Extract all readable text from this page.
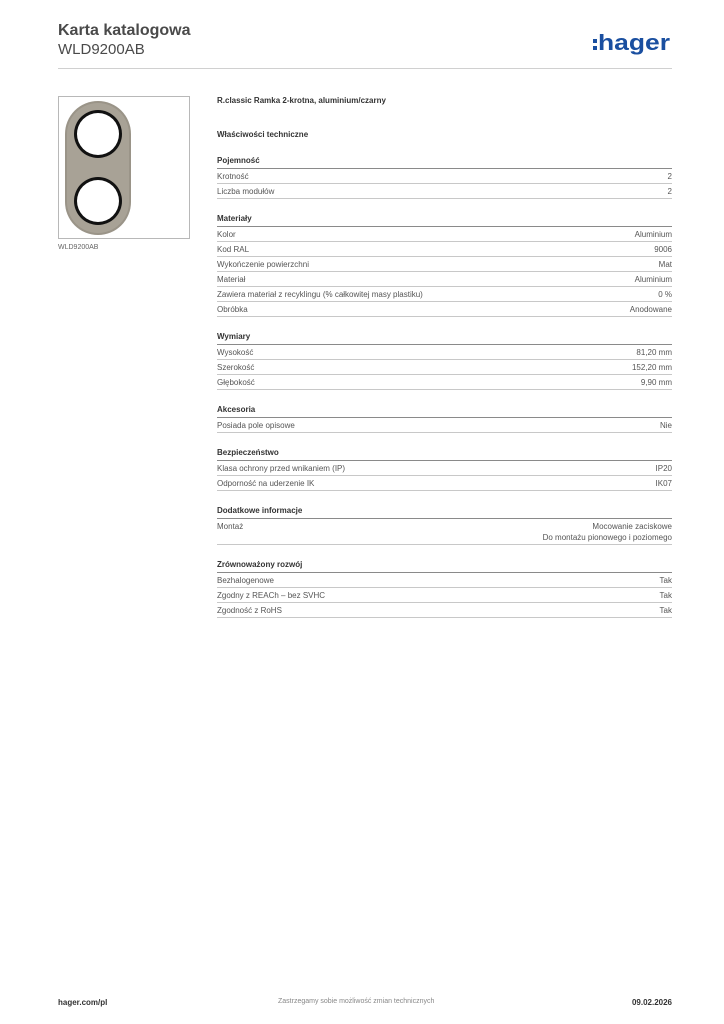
Karta katalogowa
WLD9200AB	hager
WLD9200AB
R.classic Ramka 2-krotna, aluminium/czarny
Właściwości techniczne
Pojemność
Krotność	2
Liczba modułów	2
Materiały
Kolor	Aluminium
Kod RAL	9006
Wykończenie powierzchni	Mat
Materiał	Aluminium
Zawiera materiał z recyklingu (% całkowitej masy plastiku)	0 %
Obróbka	Anodowane
Wymiary
Wysokość	81,20 mm
Szerokość	152,20 mm
Głębokość	9,90 mm
Akcesoria
Posiada pole opisowe	Nie
Bezpieczeństwo
Klasa ochrony przed wnikaniem (IP)	IP20
Odporność na uderzenie IK	IK07
Dodatkowe informacje
Montaż	Mocowanie zaciskowe
Do montażu pionowego i poziomego
Zrównoważony rozwój
Bezhalogenowe	Tak
Zgodny z REACh – bez SVHC	Tak
Zgodność z RoHS	Tak
hager.com/pl	Zastrzegamy sobie możliwość zmian technicznych	09.02.2026
